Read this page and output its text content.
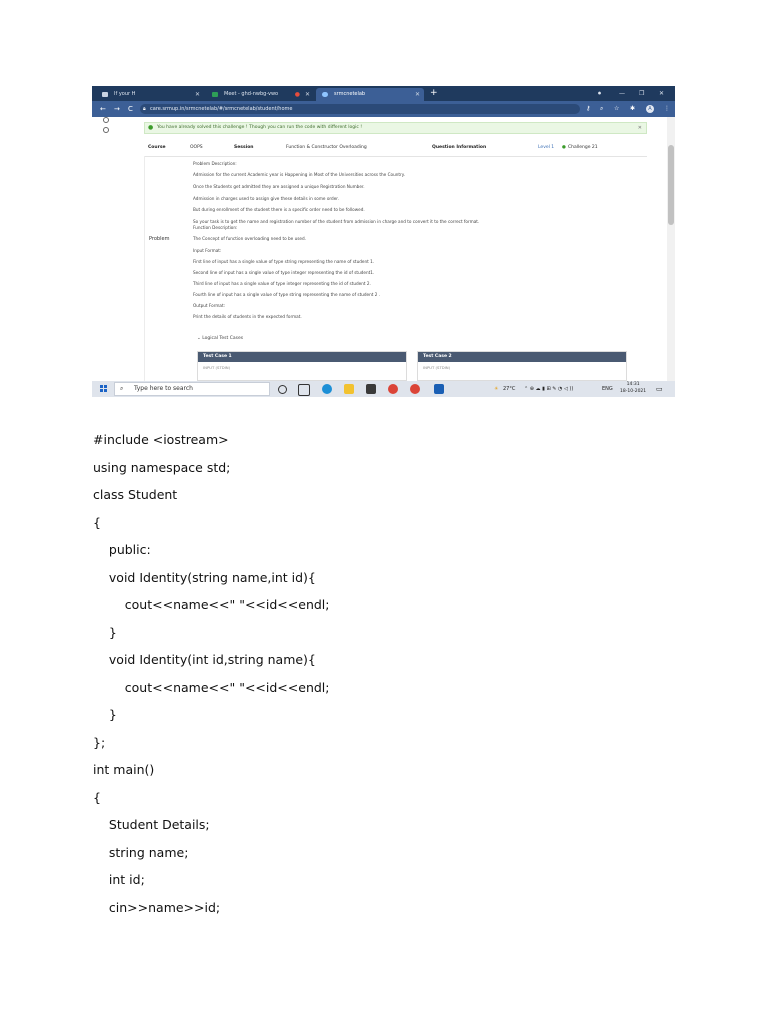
If your H	✕	Meet - ghd-nwbg-vwo	● ✕	srmcnetelab	✕ +	⏺	— ❐ ✕
← → C 🔒︎ care.srmup.in/srmcnetelab/#/srmcnetelab/student/home	⚷ ⌕ ☆ ✱	A	⋮
● You have already solved this challenge ! Though you can run the code with different logic !	✕
Course	OOPS	Session	Function & Constructor Overloading	Question Information	Level 1 ● Challenge 21
Problem
Problem Description:
Admission for the current Academic year is Happening in Most of the Universities across the Country.
Once the Students get admitted they are assigned a unique Registration Number.
Admission in charges used to assign give these details in some order.
But during enrollment of the student there is a specific order need to be followed.
So your task is to get the name and registration number of the student from admission in charge and to convert it to the correct format.
Function Description:
The Concept of function overloading need to be used.
Input Format:
First line of input has a single value of type string representing the name of student 1.
Second line of input has a single value of type integer representing the id of student1.
Third line of input has a single value of type integer representing the id of student 2.
Fourth line of input has a single value of type string representing the name of student 2 .
Output Format:
Print the details of students in the expected format.
⌄ Logical Test Cases
Test Case 1
INPUT (STDIN)
Test Case 2
INPUT (STDIN)
⌕ Type here to search	☀ 27°C ⌃ ⊕ ☁ ▮ ⊞ ✎ ◔ ◁ ))	ENG
14:31
18-10-2021 ▭
#include <iostream>
using namespace std;
class Student
{
public:
void Identity(string name,int id){
cout<<name<<" "<<id<<endl;
}
void Identity(int id,string name){
cout<<name<<" "<<id<<endl;
}
};
int main()
{
Student Details;
string name;
int id;
cin>>name>>id;
